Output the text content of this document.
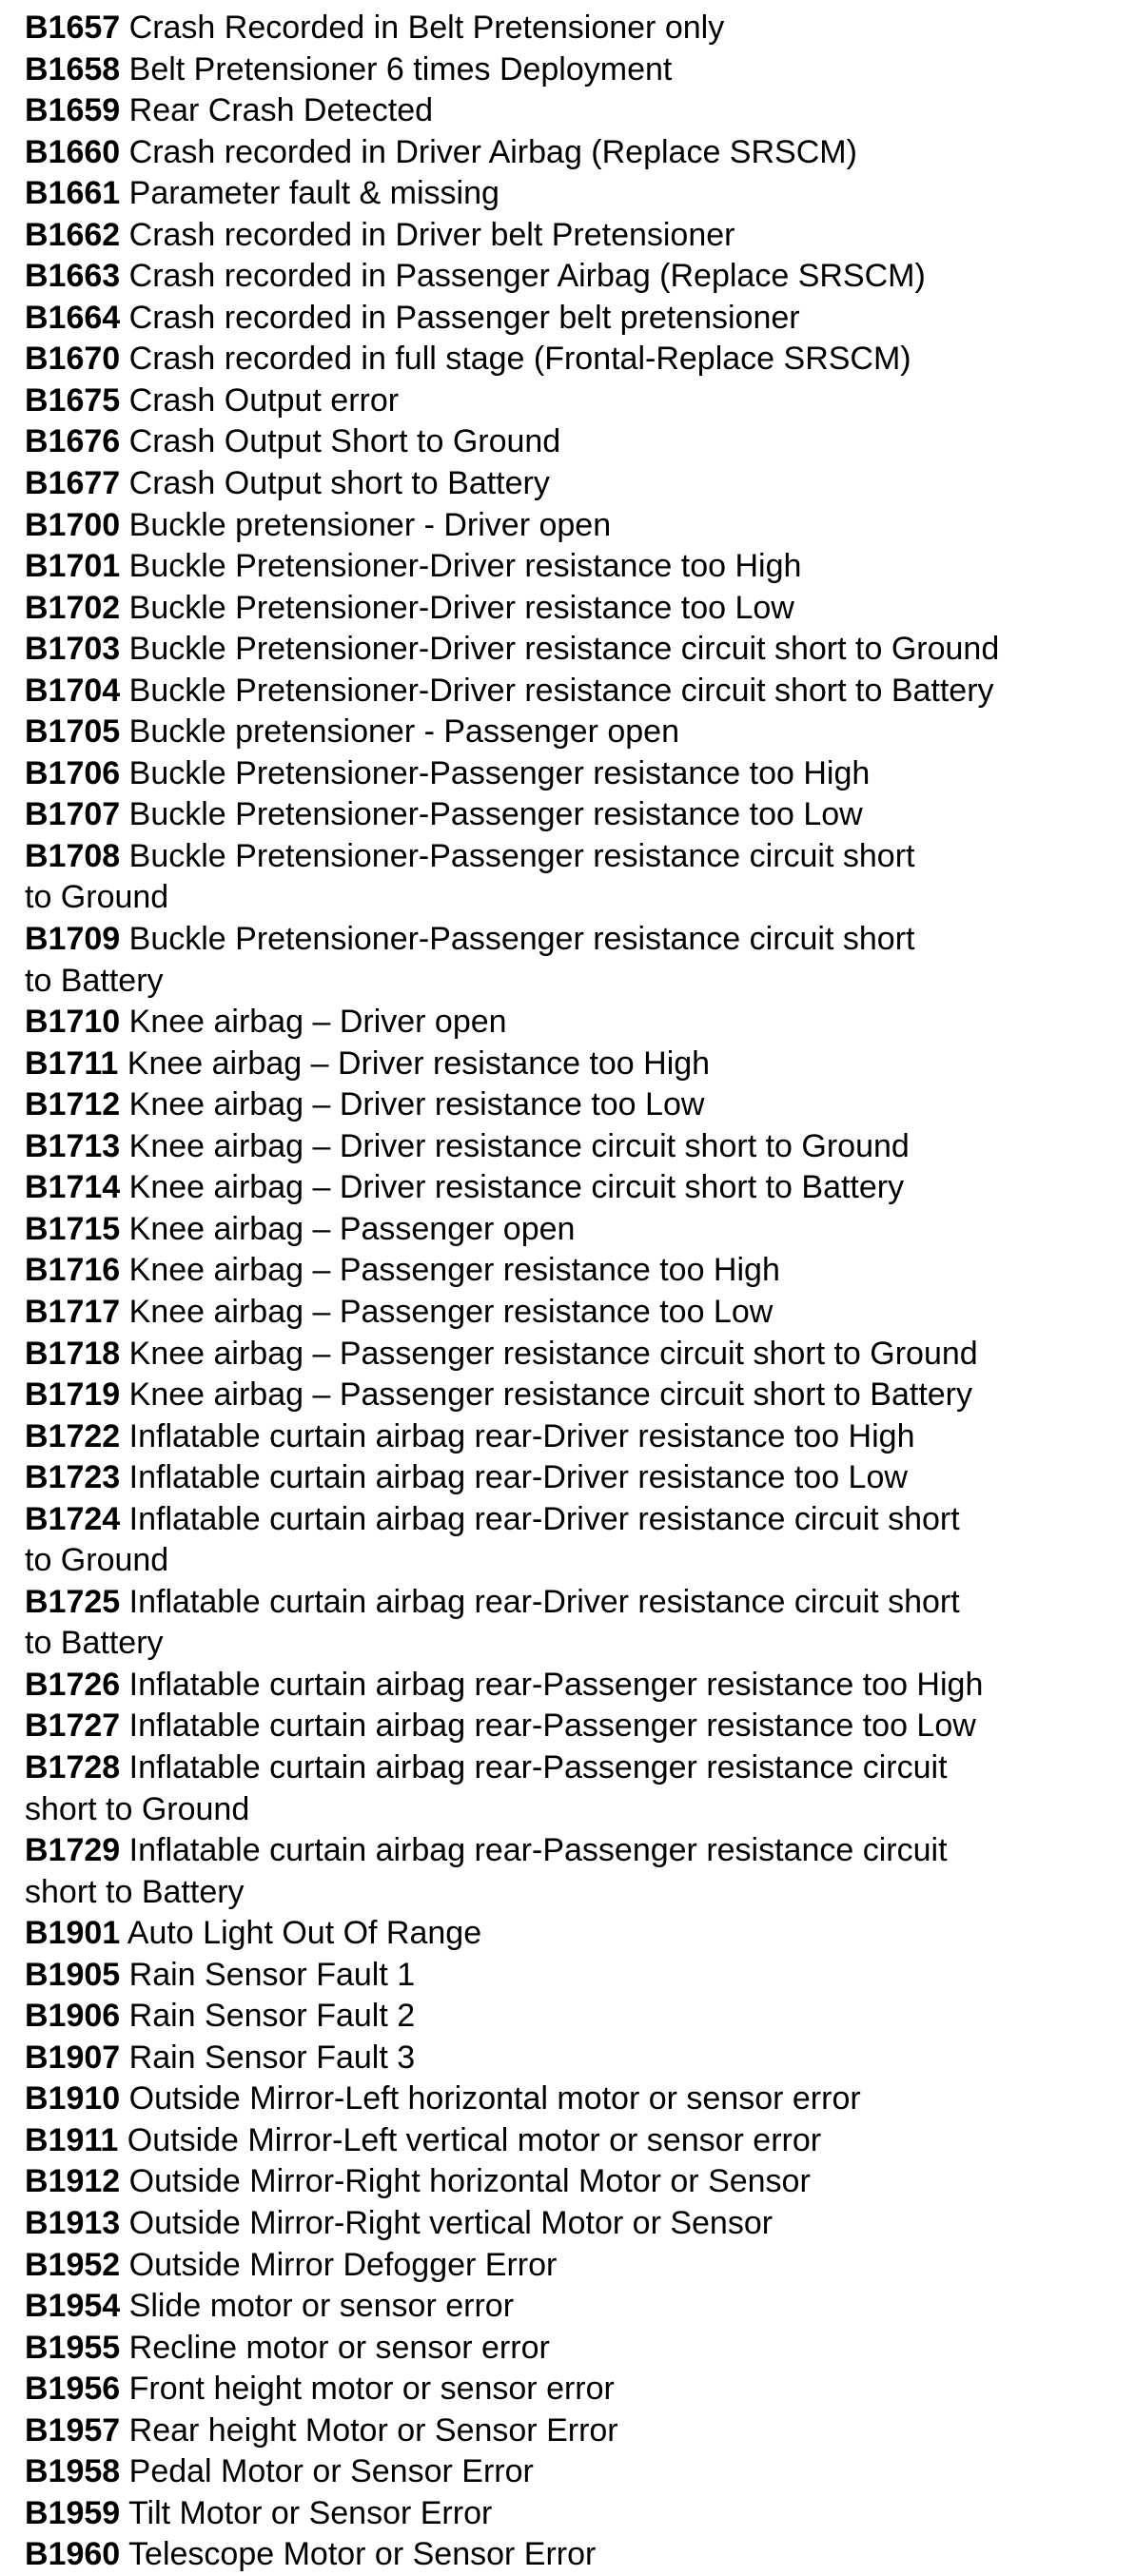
B1657 Crash Recorded in Belt Pretensioner only
B1658 Belt Pretensioner 6 times Deployment
B1659 Rear Crash Detected
B1660 Crash recorded in Driver Airbag (Replace SRSCM)
B1661 Parameter fault & missing
B1662 Crash recorded in Driver belt Pretensioner
B1663 Crash recorded in Passenger Airbag (Replace SRSCM)
B1664 Crash recorded in Passenger belt pretensioner
B1670 Crash recorded in full stage (Frontal-Replace SRSCM)
B1675 Crash Output error
B1676 Crash Output Short to Ground
B1677 Crash Output short to Battery
B1700 Buckle pretensioner - Driver open
B1701 Buckle Pretensioner-Driver resistance too High
B1702 Buckle Pretensioner-Driver resistance too Low
B1703 Buckle Pretensioner-Driver resistance circuit short to Ground
B1704 Buckle Pretensioner-Driver resistance circuit short to Battery
B1705 Buckle pretensioner - Passenger open
B1706 Buckle Pretensioner-Passenger resistance too High
B1707 Buckle Pretensioner-Passenger resistance too Low
B1708 Buckle Pretensioner-Passenger resistance circuit short
to Ground
B1709 Buckle Pretensioner-Passenger resistance circuit short
to Battery
B1710 Knee airbag – Driver open
B1711 Knee airbag – Driver resistance too High
B1712 Knee airbag – Driver resistance too Low
B1713 Knee airbag – Driver resistance circuit short to Ground
B1714 Knee airbag – Driver resistance circuit short to Battery
B1715 Knee airbag – Passenger open
B1716 Knee airbag – Passenger resistance too High
B1717 Knee airbag – Passenger resistance too Low
B1718 Knee airbag – Passenger resistance circuit short to Ground
B1719 Knee airbag – Passenger resistance circuit short to Battery
B1722 Inflatable curtain airbag rear-Driver resistance too High
B1723 Inflatable curtain airbag rear-Driver resistance too Low
B1724 Inflatable curtain airbag rear-Driver resistance circuit short
to Ground
B1725 Inflatable curtain airbag rear-Driver resistance circuit short
to Battery
B1726 Inflatable curtain airbag rear-Passenger resistance too High
B1727 Inflatable curtain airbag rear-Passenger resistance too Low
B1728 Inflatable curtain airbag rear-Passenger resistance circuit
short to Ground
B1729 Inflatable curtain airbag rear-Passenger resistance circuit
short to Battery
B1901 Auto Light Out Of Range
B1905 Rain Sensor Fault 1
B1906 Rain Sensor Fault 2
B1907 Rain Sensor Fault 3
B1910 Outside Mirror-Left horizontal motor or sensor error
B1911 Outside Mirror-Left vertical motor or sensor error
B1912 Outside Mirror-Right horizontal Motor or Sensor
B1913 Outside Mirror-Right vertical Motor or Sensor
B1952 Outside Mirror Defogger Error
B1954 Slide motor or sensor error
B1955 Recline motor or sensor error
B1956 Front height motor or sensor error
B1957 Rear height Motor or Sensor Error
B1958 Pedal Motor or Sensor Error
B1959 Tilt Motor or Sensor Error
B1960 Telescope Motor or Sensor Error
